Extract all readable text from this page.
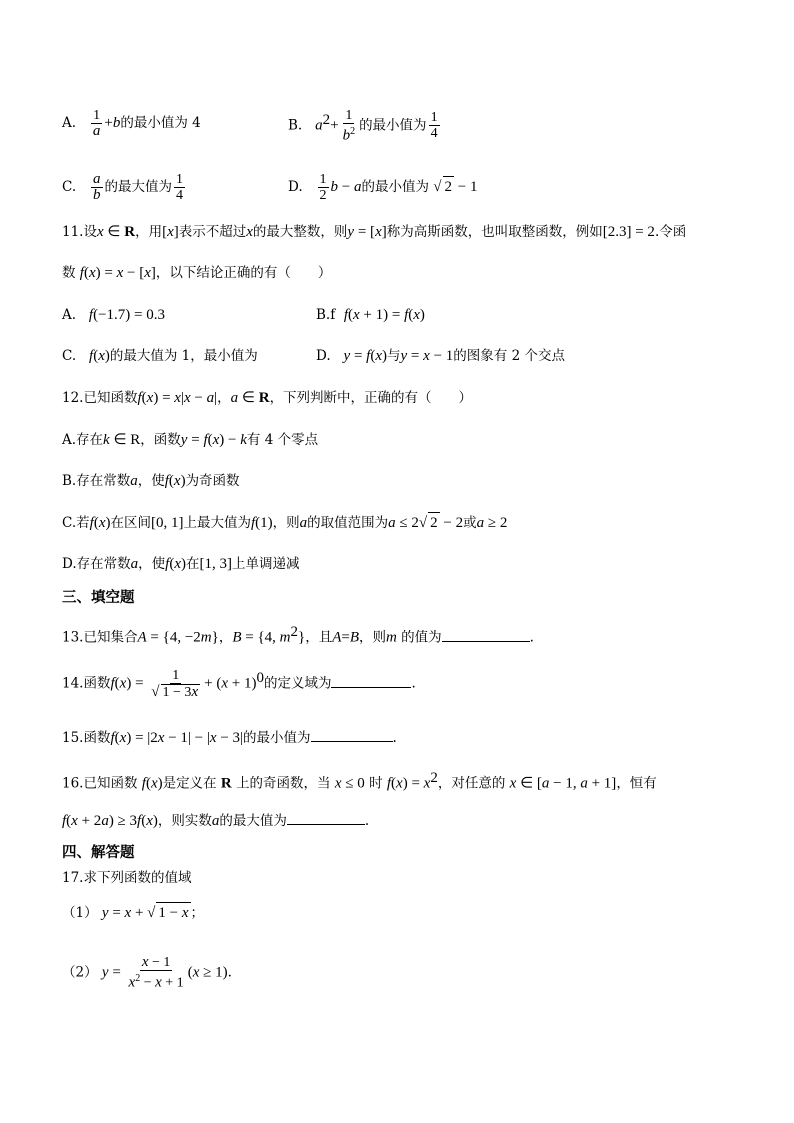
A. $\frac{1}{a} +b$的最小值为 4	B. $a^2+ \frac{1}{b^2}$ 的最小值为 $\frac{1}{4}$
C. $\frac{a}{b}$ 的最大值为 $\frac{1}{4}$	D. $\frac{1}{2}$ b − a的最小值为 √ 2 − 1
11.设x ∈ R，用[x]表示不超过x的最大整数，则y = [x]称为高斯函数，也叫取整函数，例如[2.3] = 2.令函
数 f(x) = x − [x]，以下结论正确的有（　　）
A. f(−1.7) = 0.3	B.f f(x + 1) = f(x)
C. f(x)的最大值为 1，最小值为	D. y = f(x)与y = x − 1的图象有 2 个交点
12.已知函数f(x) = x|x − a|，a ∈ R，下列判断中，正确的有（　　）
A.存在k ∈ R，函数y = f(x) − k有 4 个零点
B.存在常数a，使f(x)为奇函数
C.若f(x)在区间[0, 1]上最大值为f(1)，则a的取值范围为a ≤ 2√ 2 − 2或a ≥ 2
D.存在常数a，使f(x)在[1, 3]上单调递减
三、填空题
13.已知集合A = {4, −2m}，B = {4, $m^2$}，且A=B，则m 的值为	.
14.函数$f(x) = \frac{1}{√ 1 - 3x} + (x + 1)^0$的定义域为	.
15.函数f(x) = |2x − 1| − |x − 3|的最小值为	.
16.已知函数 f(x)是定义在 R 上的奇函数，当 x ≤ 0 时 $f(x) = x^2$，对任意的 x ∈ [a − 1, a + 1]，恒有
f(x + 2a) ≥ 3f(x)，则实数a的最大值为	.
四、解答题
17.求下列函数的值域
（1） y = x + √ 1 − x ；
（2） $y = \frac{x - 1}{x^2 - x + 1} (x \ge 1)$.
